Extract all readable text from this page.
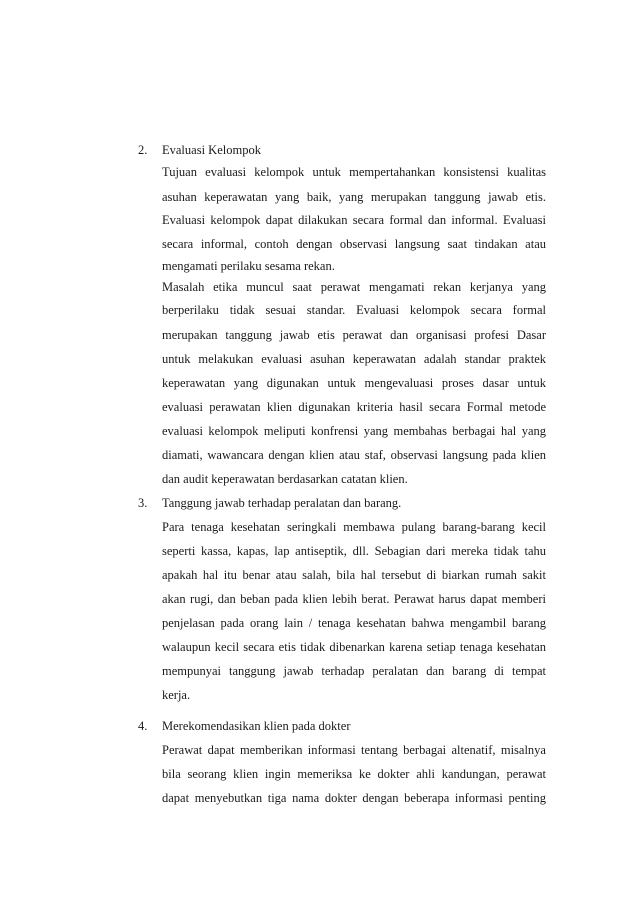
2. Evaluasi Kelompok
Tujuan evaluasi kelompok untuk mempertahankan konsistensi kualitas
asuhan keperawatan yang baik, yang merupakan tanggung jawab etis.
Evaluasi kelompok dapat dilakukan secara formal dan informal. Evaluasi
secara informal, contoh dengan observasi langsung saat tindakan atau
mengamati perilaku sesama rekan.
Masalah etika muncul saat perawat mengamati rekan kerjanya yang
berperilaku tidak sesuai standar. Evaluasi kelompok secara formal
merupakan tanggung jawab etis perawat dan organisasi profesi Dasar
untuk melakukan evaluasi asuhan keperawatan adalah standar praktek
keperawatan yang digunakan untuk mengevaluasi proses dasar untuk
evaluasi perawatan klien digunakan kriteria hasil secara Formal metode
evaluasi kelompok meliputi konfrensi yang membahas berbagai hal yang
diamati, wawancara dengan klien atau staf, observasi langsung pada klien
dan audit keperawatan berdasarkan catatan klien.
3. Tanggung jawab terhadap peralatan dan barang.
Para tenaga kesehatan seringkali membawa pulang barang-barang kecil
seperti kassa, kapas, lap antiseptik, dll. Sebagian dari mereka tidak tahu
apakah hal itu benar atau salah, bila hal tersebut di biarkan rumah sakit
akan rugi, dan beban pada klien lebih berat. Perawat harus dapat memberi
penjelasan pada orang lain / tenaga kesehatan bahwa mengambil barang
walaupun kecil secara etis tidak dibenarkan karena setiap tenaga kesehatan
mempunyai tanggung jawab terhadap peralatan dan barang di tempat
kerja.
4. Merekomendasikan klien pada dokter
Perawat dapat memberikan informasi tentang berbagai altenatif, misalnya
bila seorang klien ingin memeriksa ke dokter ahli kandungan, perawat
dapat menyebutkan tiga nama dokter dengan beberapa informasi penting
